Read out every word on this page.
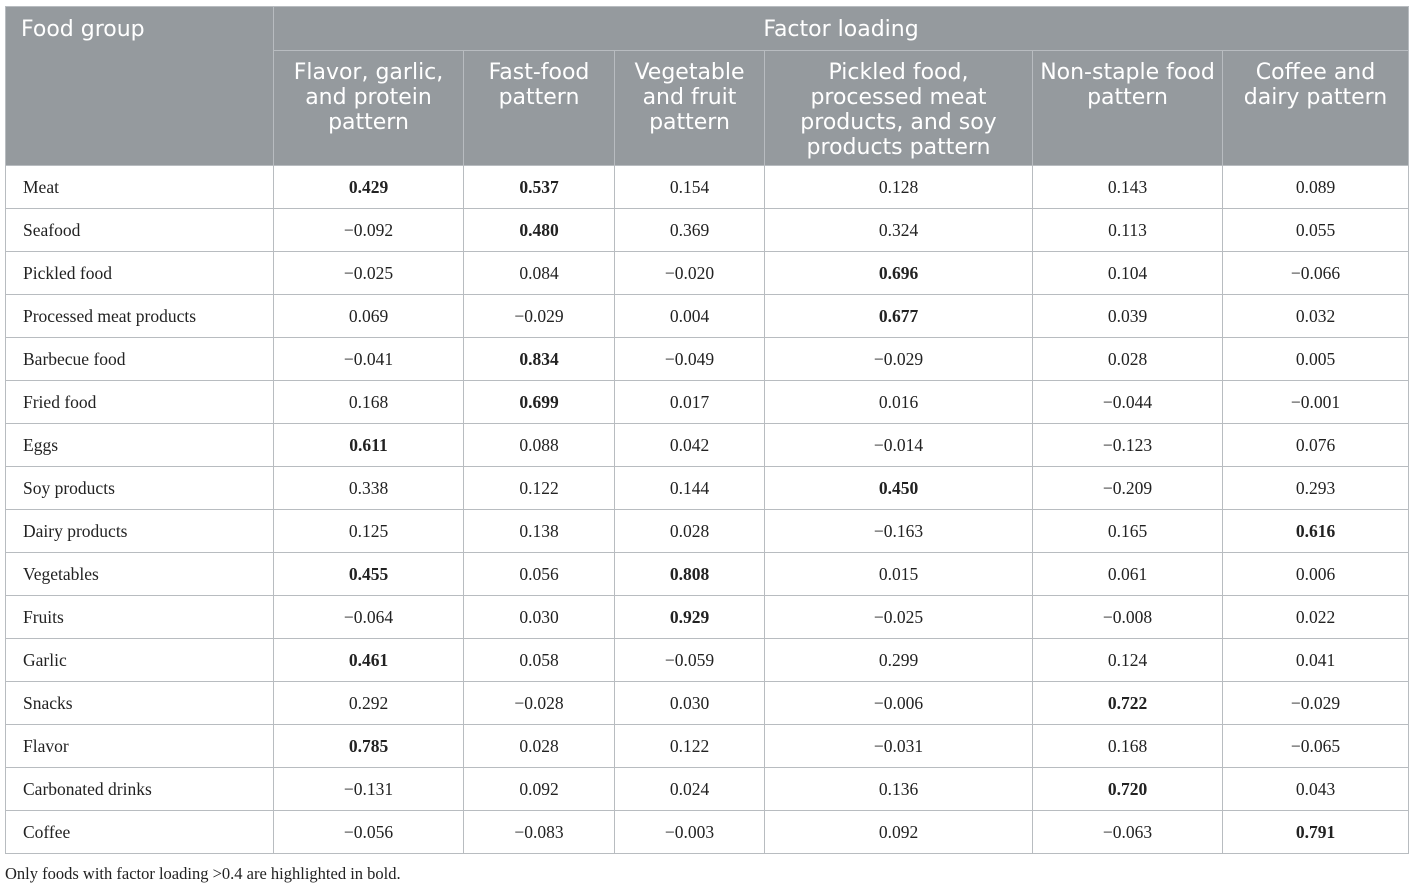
Food group	Factor loading					
	Flavor, garlic, and protein pattern	Fast-food pattern	Vegetable and fruit pattern	Pickled food, processed meat products, and soy products pattern	Non-staple food pattern	Coffee and dairy pattern
Meat	0.429	0.537	0.154	0.128	0.143	0.089
Seafood	−0.092	0.480	0.369	0.324	0.113	0.055
Pickled food	−0.025	0.084	−0.020	0.696	0.104	−0.066
Processed meat products	0.069	−0.029	0.004	0.677	0.039	0.032
Barbecue food	−0.041	0.834	−0.049	−0.029	0.028	0.005
Fried food	0.168	0.699	0.017	0.016	−0.044	−0.001
Eggs	0.611	0.088	0.042	−0.014	−0.123	0.076
Soy products	0.338	0.122	0.144	0.450	−0.209	0.293
Dairy products	0.125	0.138	0.028	−0.163	0.165	0.616
Vegetables	0.455	0.056	0.808	0.015	0.061	0.006
Fruits	−0.064	0.030	0.929	−0.025	−0.008	0.022
Garlic	0.461	0.058	−0.059	0.299	0.124	0.041
Snacks	0.292	−0.028	0.030	−0.006	0.722	−0.029
Flavor	0.785	0.028	0.122	−0.031	0.168	−0.065
Carbonated drinks	−0.131	0.092	0.024	0.136	0.720	0.043
Coffee	−0.056	−0.083	−0.003	0.092	−0.063	0.791
Only foods with factor loading >0.4 are highlighted in bold.
